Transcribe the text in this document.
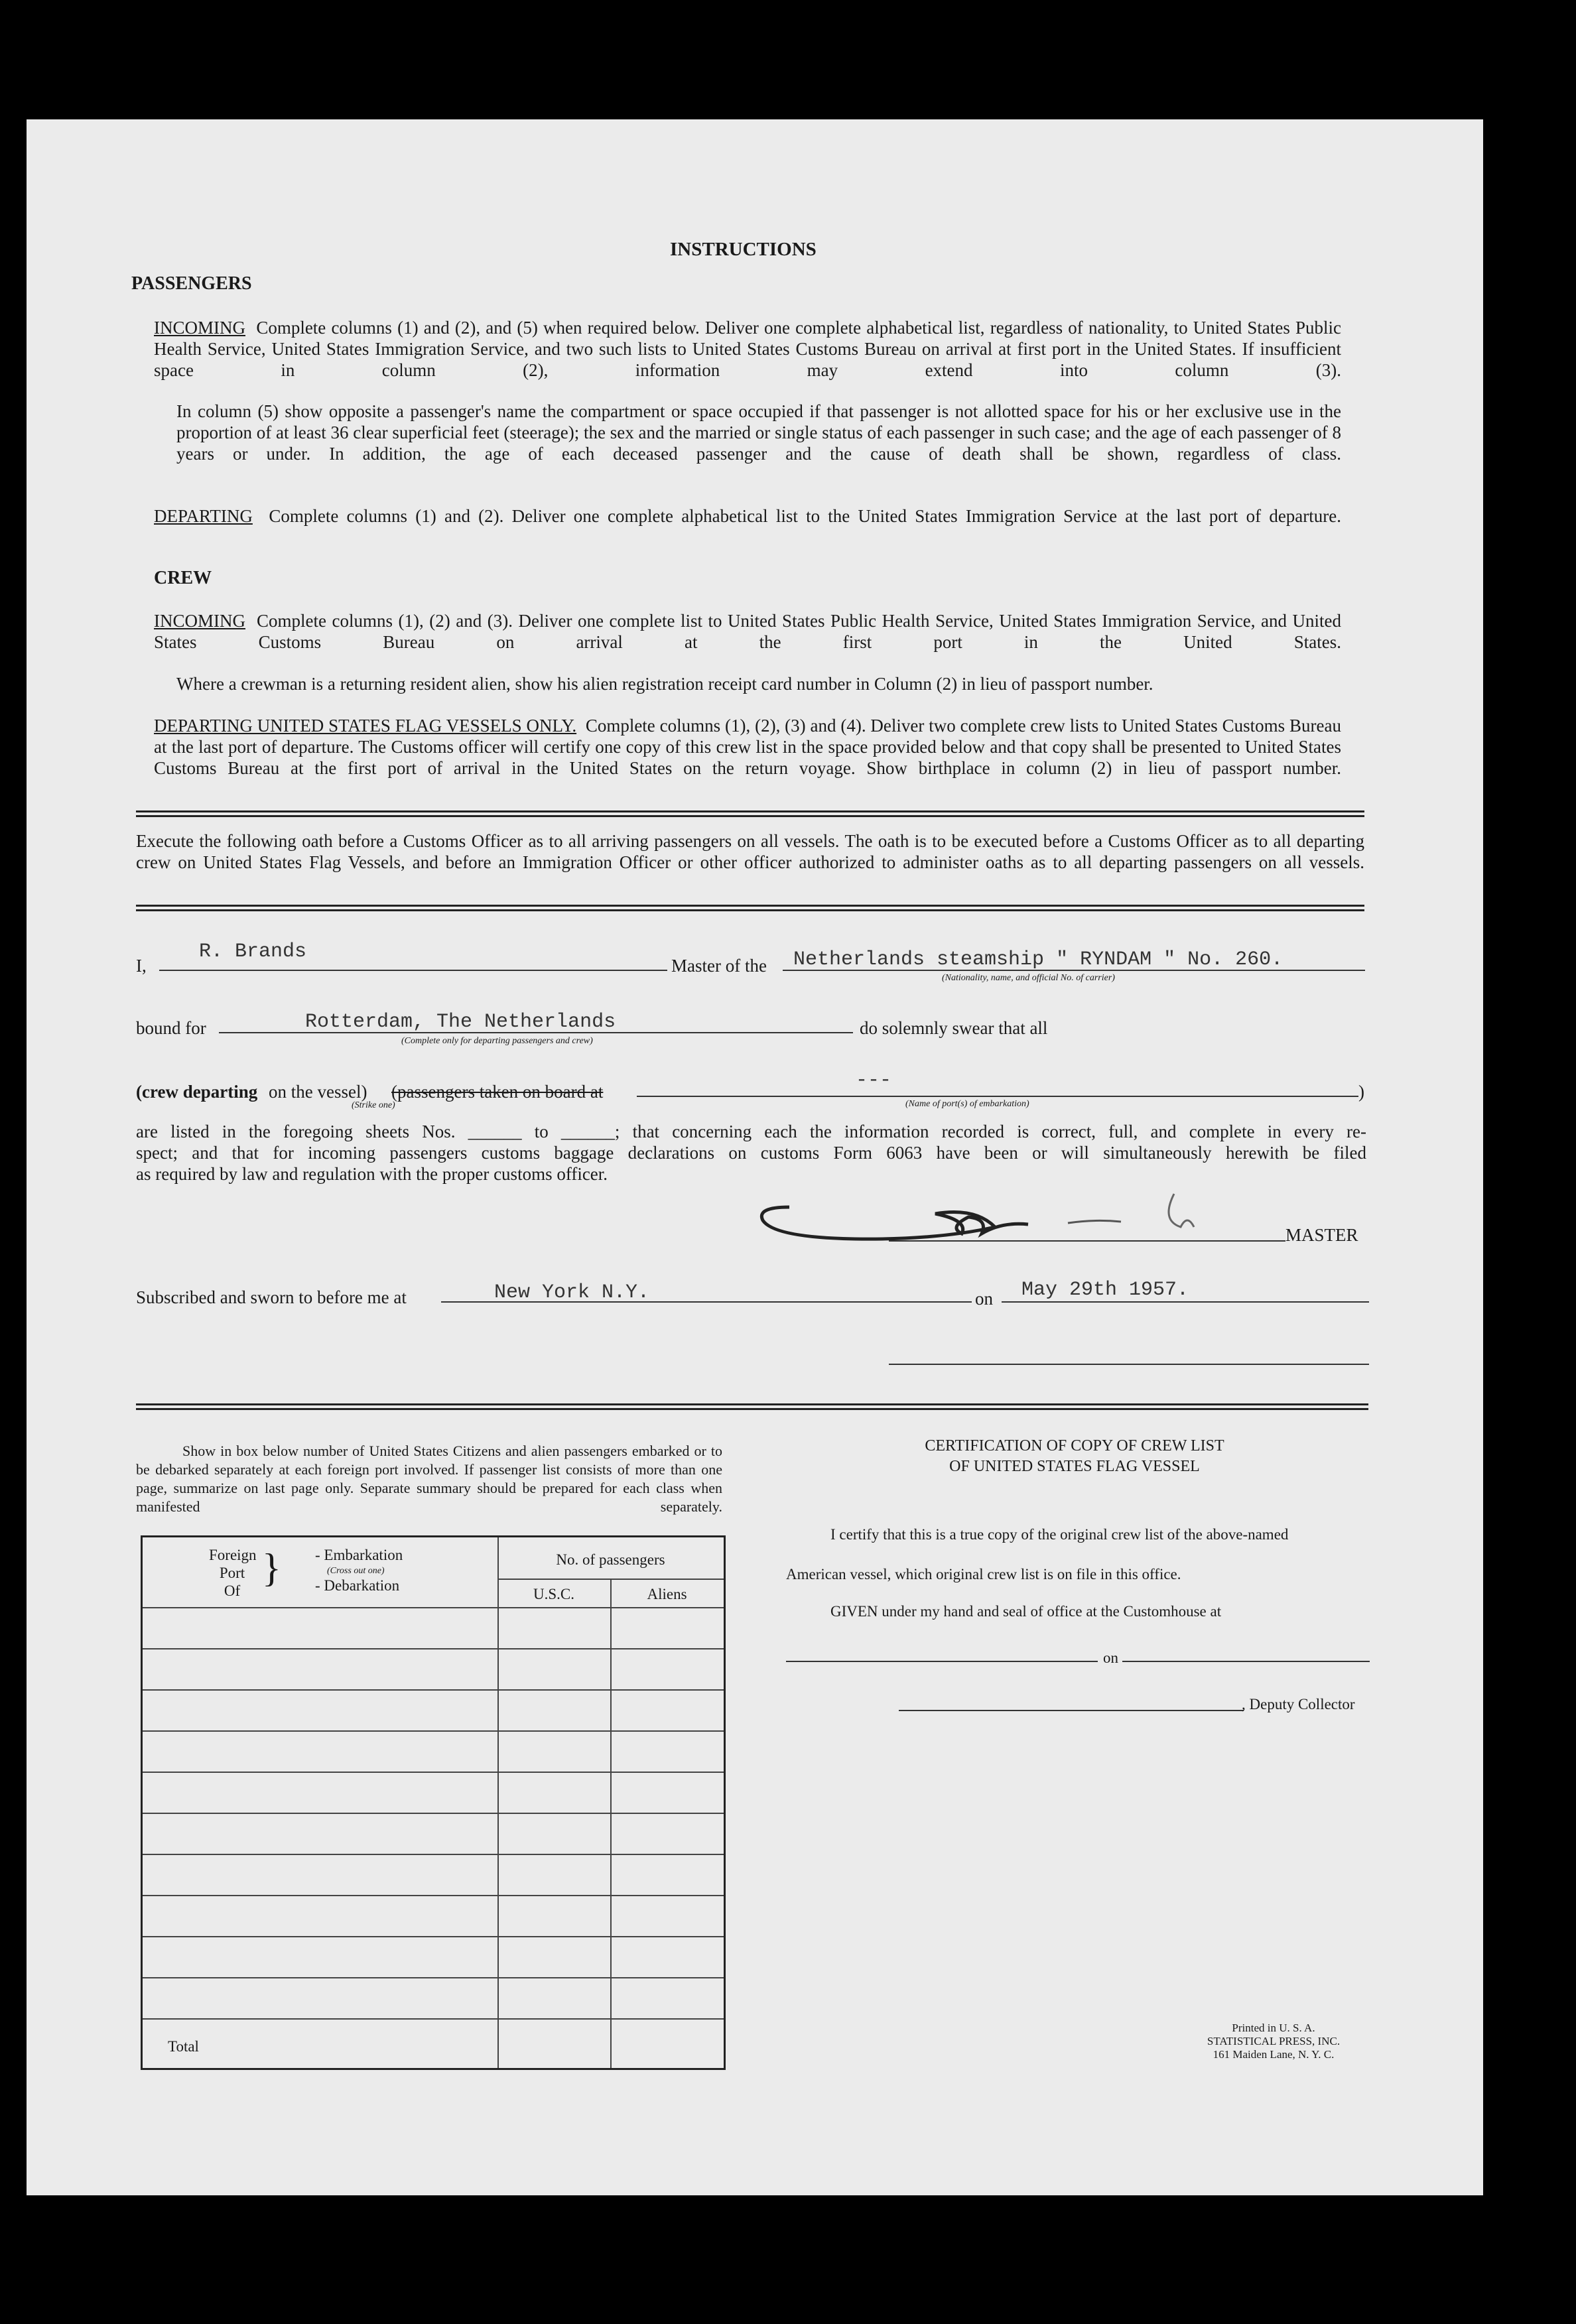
INSTRUCTIONS
PASSENGERS
INCOMING Complete columns (1) and (2), and (5) when required below. Deliver one complete alphabetical list, regardless of nationality, to United States Public Health Service, United States Immigration Service, and two such lists to United States Customs Bureau on arrival at first port in the United States. If insufficient space in column (2), information may extend into column (3).
In column (5) show opposite a passenger's name the compartment or space occupied if that passenger is not allotted space for his or her exclusive use in the proportion of at least 36 clear superficial feet (steerage); the sex and the married or single status of each passenger in such case; and the age of each passenger of 8 years or under. In addition, the age of each deceased passenger and the cause of death shall be shown, regardless of class.
DEPARTING Complete columns (1) and (2). Deliver one complete alphabetical list to the United States Immigration Service at the last port of departure.
CREW
INCOMING Complete columns (1), (2) and (3). Deliver one complete list to United States Public Health Service, United States Immigration Service, and United States Customs Bureau on arrival at the first port in the United States.
Where a crewman is a returning resident alien, show his alien registration receipt card number in Column (2) in lieu of passport number.
DEPARTING UNITED STATES FLAG VESSELS ONLY. Complete columns (1), (2), (3) and (4). Deliver two complete crew lists to United States Customs Bureau at the last port of departure. The Customs officer will certify one copy of this crew list in the space provided below and that copy shall be presented to United States Customs Bureau at the first port of arrival in the United States on the return voyage. Show birthplace in column (2) in lieu of passport number.
Execute the following oath before a Customs Officer as to all arriving passengers on all vessels. The oath is to be executed before a Customs Officer as to all departing crew on United States Flag Vessels, and before an Immigration Officer or other officer authorized to administer oaths as to all departing passengers on all vessels.
I,
R. Brands
Master of the Netherlands steamship " RYNDAM " No. 260.
(Nationality, name, and official No. of carrier)
bound for	Rotterdam, The Netherlands
(Complete only for departing passengers and crew)
do solemnly swear that all
(crew departing on the vessel) (passengers taken on board at
(Strike one)
---
(Name of port(s) of embarkation)
)
are listed in the foregoing sheets Nos. ______ to ______; that concerning each the information recorded is correct, full, and complete in every re-
spect; and that for incoming passengers customs baggage declarations on customs Form 6063 have been or will simultaneously herewith be filed
as required by law and regulation with the proper customs officer.
MASTER
Subscribed and sworn to before me at	New York N.Y.	on May 29th 1957.
Show in box below number of United States Citizens and alien passengers embarked or to be debarked separately at each foreign port involved. If passenger list consists of more than one page, summarize on last page only. Separate summary should be prepared for each class when manifested separately.
Foreign
Port
Of
} - Embarkation
(Cross out one)
- Debarkation
No. of passengers
U.S.C.	Aliens
Total
CERTIFICATION OF COPY OF CREW LIST
OF UNITED STATES FLAG VESSEL
I certify that this is a true copy of the original crew list of the above-named
American vessel, which original crew list is on file in this office.
GIVEN under my hand and seal of office at the Customhouse at
on
, Deputy Collector
Printed in U. S. A.
STATISTICAL PRESS, INC.
161 Maiden Lane, N. Y. C.
